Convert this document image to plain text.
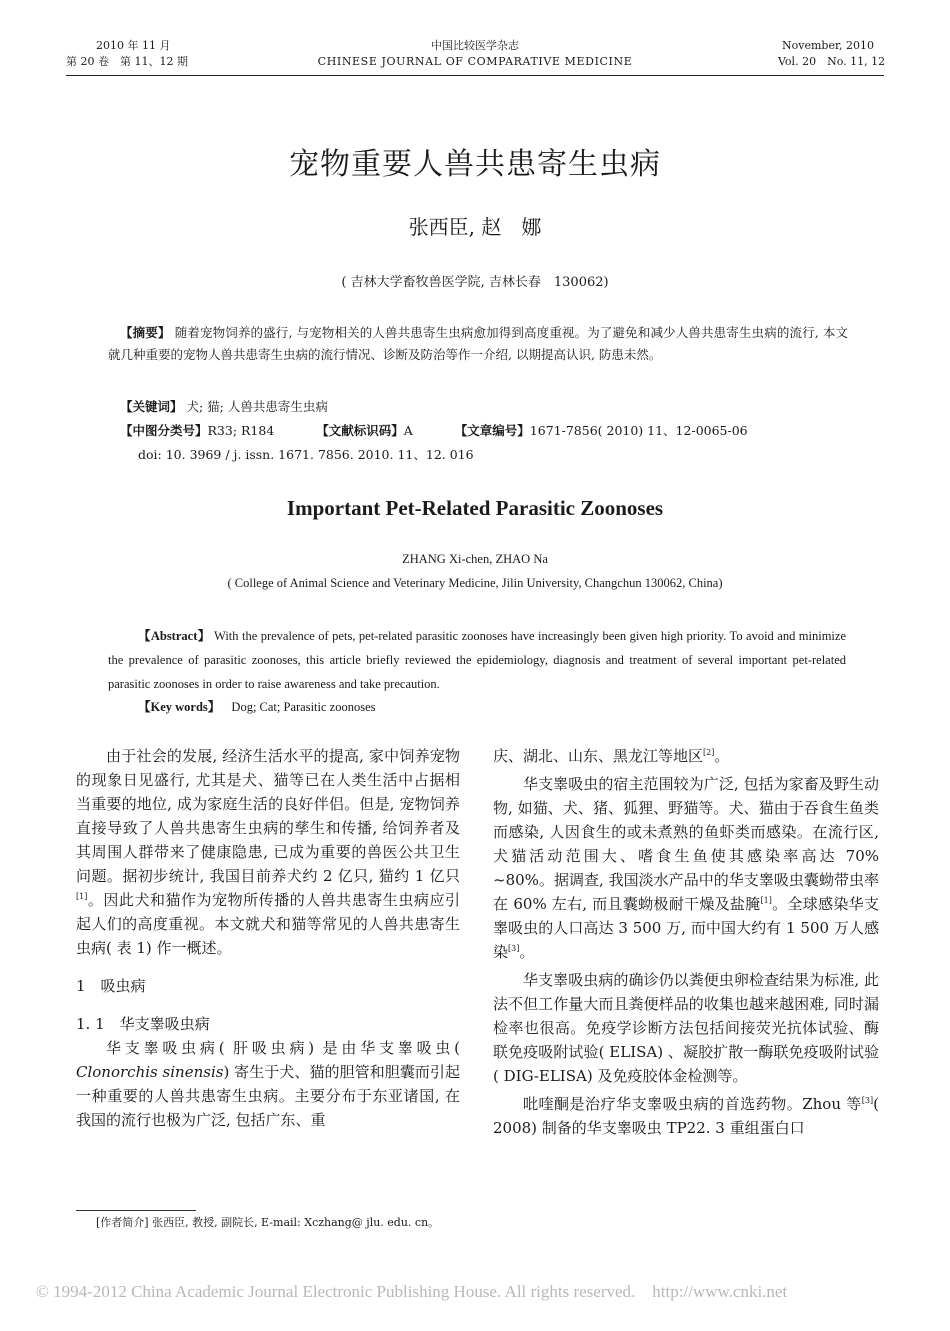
2010 年 11 月
第 20 卷　第 11、12 期
中国比较医学杂志
CHINESE JOURNAL OF COMPARATIVE MEDICINE
November, 2010
Vol. 20　No. 11, 12
宠物重要人兽共患寄生虫病
张西臣, 赵　娜
( 吉林大学畜牧兽医学院, 吉林长春　130062)
【摘要】 随着宠物饲养的盛行, 与宠物相关的人兽共患寄生虫病愈加得到高度重视。为了避免和减少人兽共患寄生虫病的流行, 本文就几种重要的宠物人兽共患寄生虫病的流行情况、诊断及防治等作一介绍, 以期提高认识, 防患未然。
【关键词】 犬; 猫; 人兽共患寄生虫病
【中图分类号】R33; R184	【文献标识码】A	【文章编号】1671-7856( 2010) 11、12-0065-06
doi: 10. 3969 / j. issn. 1671. 7856. 2010. 11、12. 016
Important Pet-Related Parasitic Zoonoses
ZHANG Xi-chen, ZHAO Na
( College of Animal Science and Veterinary Medicine, Jilin University, Changchun 130062, China)
【Abstract】 With the prevalence of pets, pet-related parasitic zoonoses have increasingly been given high priority. To avoid and minimize the prevalence of parasitic zoonoses, this article briefly reviewed the epidemiology, diagnosis and treatment of several important pet-related parasitic zoonoses in order to raise awareness and take precaution.
【Key words】 Dog; Cat; Parasitic zoonoses

由于社会的发展, 经济生活水平的提高, 家中饲养宠物的现象日见盛行, 尤其是犬、猫等已在人类生活中占据相当重要的地位, 成为家庭生活的良好伴侣。但是, 宠物饲养直接导致了人兽共患寄生虫病的孳生和传播, 给饲养者及其周围人群带来了健康隐患, 已成为重要的兽医公共卫生问题。据初步统计, 我国目前养犬约 2 亿只, 猫约 1 亿只[1]。因此犬和猫作为宠物所传播的人兽共患寄生虫病应引起人们的高度重视。本文就犬和猫等常见的人兽共患寄生虫病( 表 1) 作一概述。

1　吸虫病
1. 1　华支睾吸虫病

华支睾吸虫病( 肝吸虫病) 是由华支睾吸虫( Clonorchis sinensis) 寄生于犬、猫的胆管和胆囊而引起一种重要的人兽共患寄生虫病。主要分布于东亚诸国, 在我国的流行也极为广泛, 包括广东、重

庆、湖北、山东、黑龙江等地区[2]。

华支睾吸虫的宿主范围较为广泛, 包括为家畜及野生动物, 如猫、犬、猪、狐狸、野猫等。犬、猫由于吞食生鱼类而感染, 人因食生的或未煮熟的鱼虾类而感染。在流行区, 犬猫活动范围大、嗜食生鱼使其感染率高达 70% ~80%。据调查, 我国淡水产品中的华支睾吸虫囊蚴带虫率在 60% 左右, 而且囊蚴极耐干燥及盐腌[1]。全球感染华支睾吸虫的人口高达 3 500 万, 而中国大约有 1 500 万人感染[3]。

华支睾吸虫病的确诊仍以粪便虫卵检查结果为标准, 此法不但工作量大而且粪便样品的收集也越来越困难, 同时漏检率也很高。免疫学诊断方法包括间接荧光抗体试验、酶联免疫吸附试验( ELISA) 、凝胶扩散一酶联免疫吸附试验( DIG-ELISA) 及免疫胶体金检测等。

吡喹酮是治疗华支睾吸虫病的首选药物。Zhou 等[3]( 2008) 制备的华支睾吸虫 TP22. 3 重组蛋白口

[作者简介] 张西臣, 教授, 副院长, E-mail: Xczhang@ jlu. edu. cn。
© 1994-2012 China Academic Journal Electronic Publishing House. All rights reserved.　http://www.cnki.net
